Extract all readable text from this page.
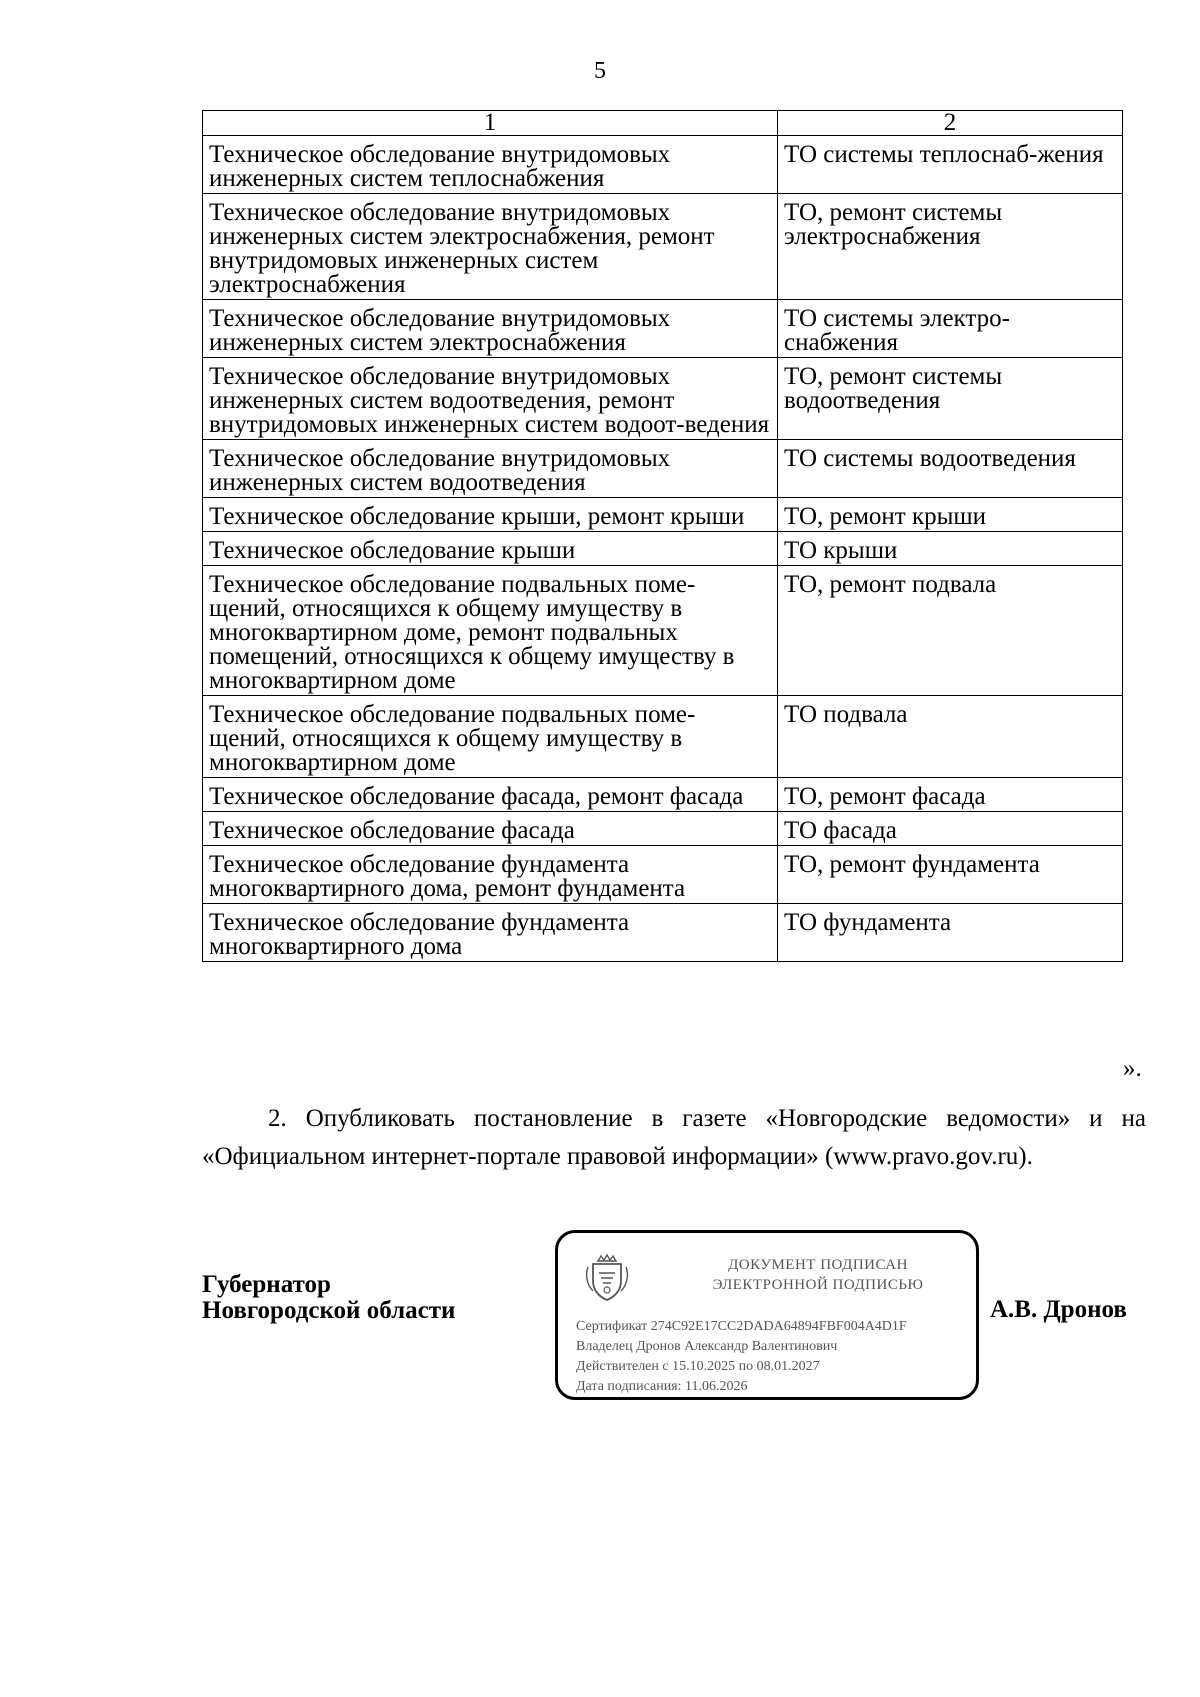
5
1	2
Техническое обследование внутридомовых инженерных систем теплоснабжения	ТО системы теплоснаб-жения
Техническое обследование внутридомовых инженерных систем электроснабжения, ремонт внутридомовых инженерных систем электроснабжения	ТО, ремонт системы электроснабжения
Техническое обследование внутридомовых инженерных систем электроснабжения	ТО системы электро-снабжения
Техническое обследование внутридомовых инженерных систем водоотведения, ремонт внутридомовых инженерных систем водоот-ведения	ТО, ремонт системы водоотведения
Техническое обследование внутридомовых инженерных систем водоотведения	ТО системы водоотведения
Техническое обследование крыши, ремонт крыши	ТО, ремонт крыши
Техническое обследование крыши	ТО крыши
Техническое обследование подвальных поме-щений, относящихся к общему имуществу в многоквартирном доме, ремонт подвальных помещений, относящихся к общему имуществу в многоквартирном доме	ТО, ремонт подвала
Техническое обследование подвальных поме-щений, относящихся к общему имуществу в многоквартирном доме	ТО подвала
Техническое обследование фасада, ремонт фасада	ТО, ремонт фасада
Техническое обследование фасада	ТО фасада
Техническое обследование фундамента многоквартирного дома, ремонт фундамента	ТО, ремонт фундамента
Техническое обследование фундамента многоквартирного дома	ТО фундамента
».
2. Опубликовать постановление в газете «Новгородские ведомости» и на «Официальном интернет-портале правовой информации» (www.pravo.gov.ru).
Губернатор
Новгородской области	А.В. Дронов
ДОКУМЕНТ ПОДПИСАН
ЭЛЕКТРОННОЙ ПОДПИСЬЮ
Сертификат 274C92E17CC2DADA64894FBF004A4D1F
Владелец Дронов Александр Валентинович
Действителен с 15.10.2025 по 08.01.2027
Дата подписания: 11.06.2026
